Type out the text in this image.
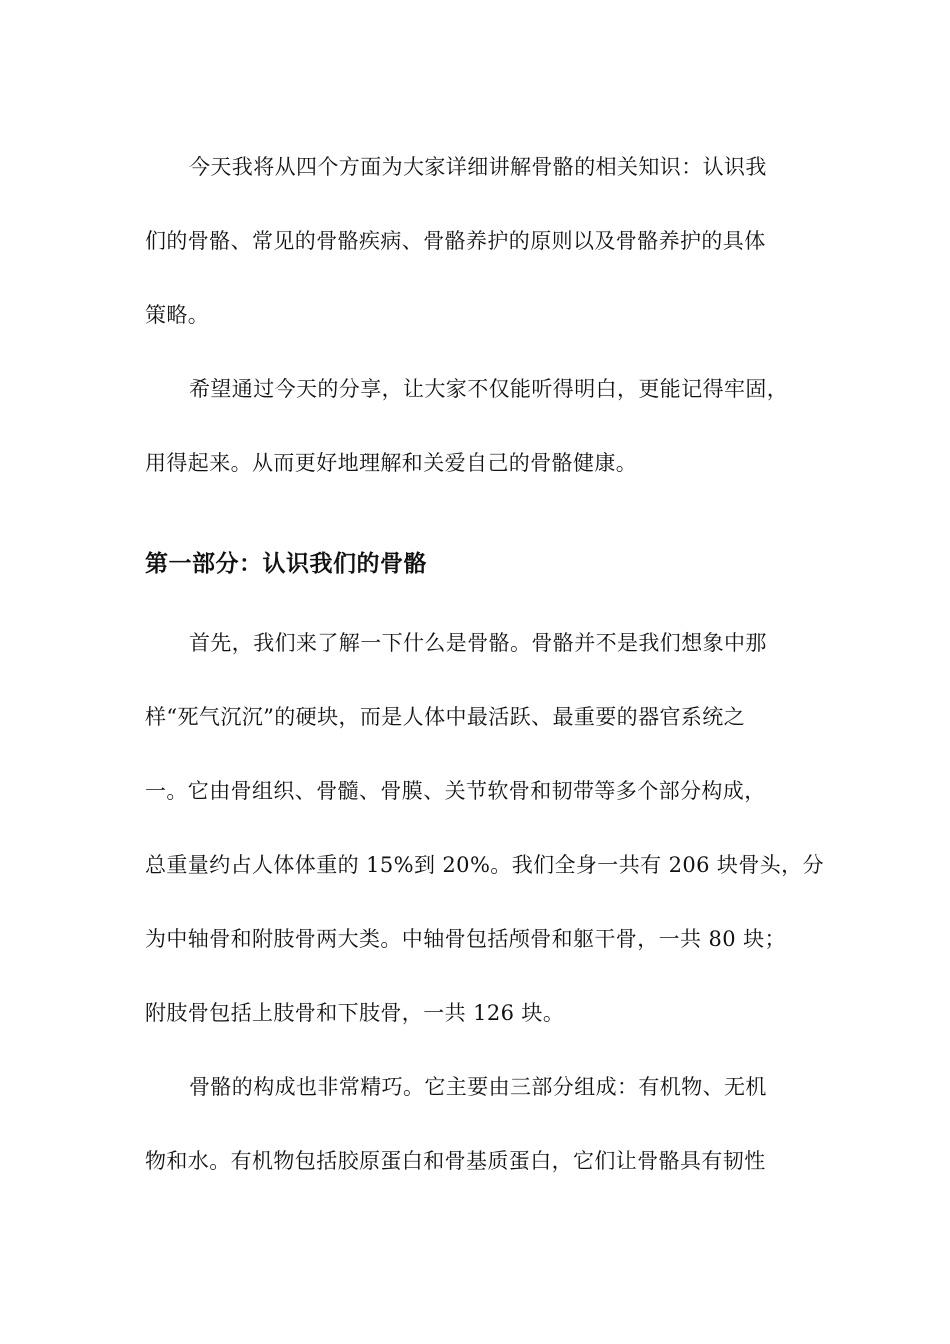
今天我将从四个方面为大家详细讲解骨骼的相关知识：认识我
们的骨骼、常见的骨骼疾病、骨骼养护的原则以及骨骼养护的具体
策略。

希望通过今天的分享，让大家不仅能听得明白，更能记得牢固，
用得起来。从而更好地理解和关爱自己的骨骼健康。

第一部分：认识我们的骨骼

首先，我们来了解一下什么是骨骼。骨骼并不是我们想象中那
样“死气沉沉”的硬块，而是人体中最活跃、最重要的器官系统之
一。它由骨组织、骨髓、骨膜、关节软骨和韧带等多个部分构成，
总重量约占人体体重的 15%到 20%。我们全身一共有 206 块骨头，分
为中轴骨和附肢骨两大类。中轴骨包括颅骨和躯干骨，一共 80 块；
附肢骨包括上肢骨和下肢骨，一共 126 块。

骨骼的构成也非常精巧。它主要由三部分组成：有机物、无机
物和水。有机物包括胶原蛋白和骨基质蛋白，它们让骨骼具有韧性
